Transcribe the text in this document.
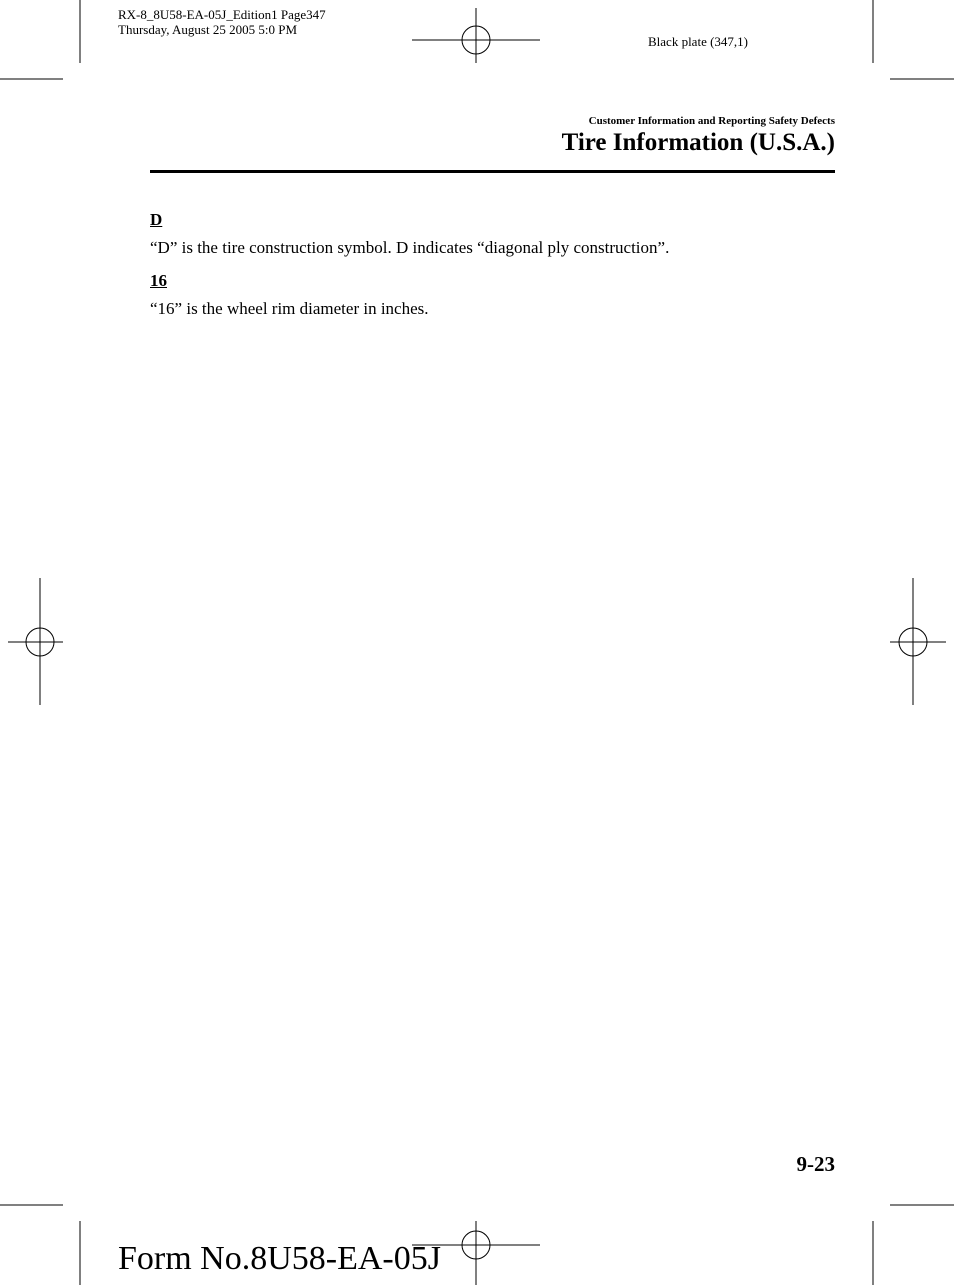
RX-8_8U58-EA-05J_Edition1 Page347
Thursday, August 25 2005 5:0 PM
Black plate (347,1)
Customer Information and Reporting Safety Defects
Tire Information (U.S.A.)
D
“D” is the tire construction symbol. D indicates “diagonal ply construction”.
16
“16” is the wheel rim diameter in inches.
9-23
Form No.8U58-EA-05J
